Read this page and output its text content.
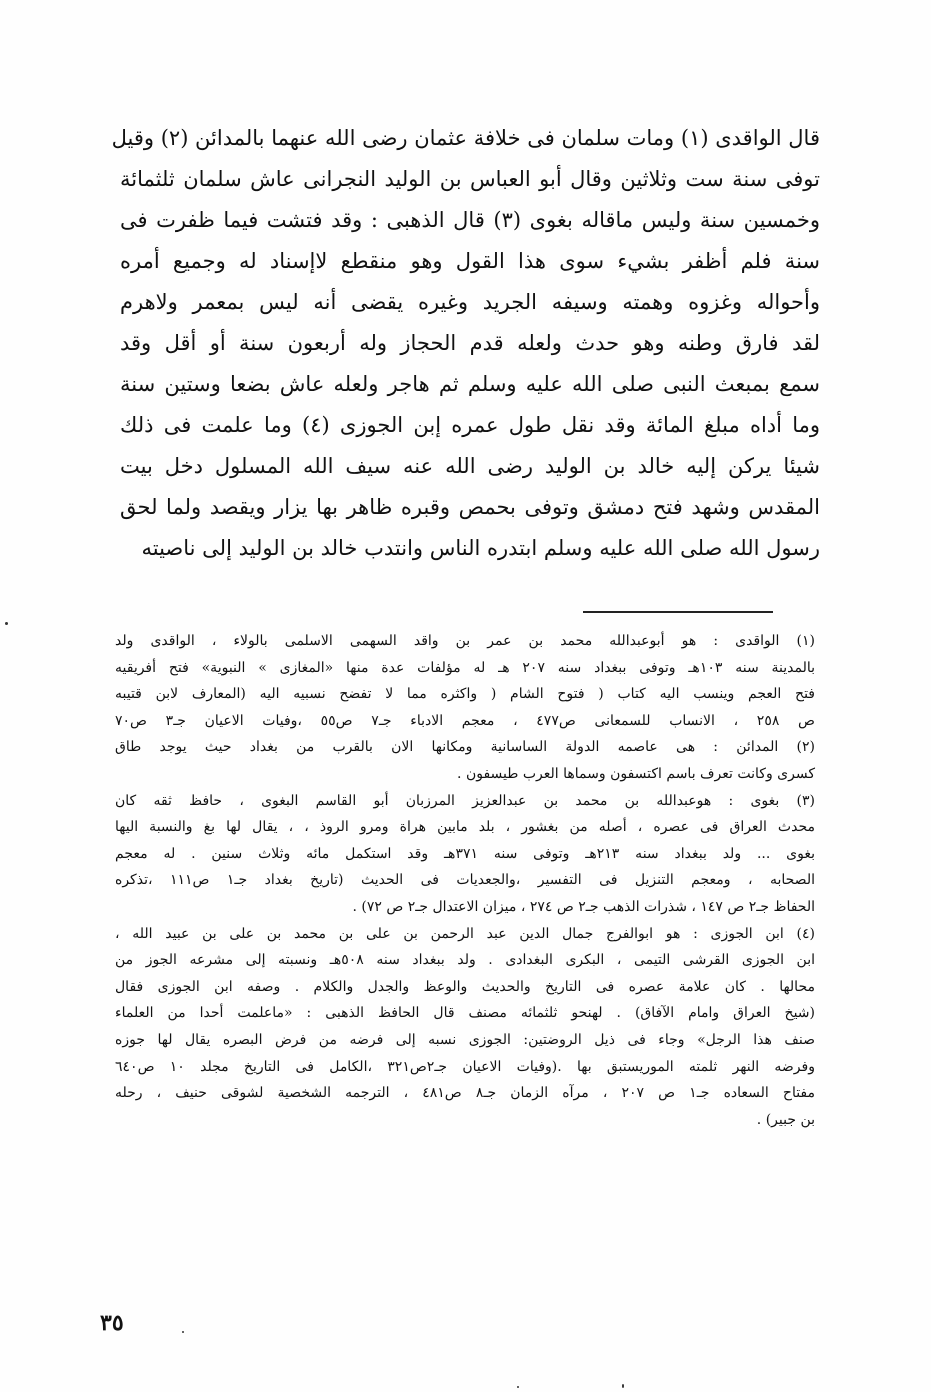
قال الواقدى (١) ومات سلمان فى خلافة عثمان رضى الله عنهما بالمدائن (٢) وقيل
توفى سنة ست وثلاثين وقال أبو العباس بن الوليد النجرانى عاش سلمان ثلثمائة
وخمسين سنة وليس ماقاله بغوى (٣) قال الذهبى : وقد فتشت فيما ظفرت فى
سنة فلم أظفر بشيء سوى هذا القول وهو منقطع لاإسناد له وجميع أمره
وأحواله وغزوه وهمته وسيفه الجريد وغيره يقضى أنه ليس بمعمر ولاهرم
لقد فارق وطنه وهو حدث ولعله قدم الحجاز وله أربعون سنة أو أقل وقد
سمع بمبعث النبى صلى الله عليه وسلم ثم هاجر ولعله عاش بضعا وستين سنة
وما أداه مبلغ المائة وقد نقل طول عمره إبن الجوزى (٤) وما علمت فى ذلك
شيئا يركن إليه خالد بن الوليد رضى الله عنه سيف الله المسلول دخل بيت
المقدس وشهد فتح دمشق وتوفى بحمص وقبره ظاهر بها يزار ويقصد ولما لحق
رسول الله صلى الله عليه وسلم ابتدره الناس وانتدب خالد بن الوليد إلى ناصيته
(١) الواقدى : هو أبوعبدالله محمد بن عمر بن واقد السهمى الاسلمى بالولاء ، الواقدى ولد
بالمدينة سنه ١٠٣هـ وتوفى ببغداد سنه ٢٠٧ هـ له مؤلفات عدة منها «المغازى » النبوية» فتح أفريقيه
فتح العجم وينسب اليه كتاب ( فتوح الشام ( واكثره مما لا تفضح نسبيه اليه (المعارف لابن قتيبه
ص ٢٥٨ ، الانساب للسمعانى ص٤٧٧ ، معجم الادباء جـ٧ ص٥٥ ،وفيات الاعيان جـ٣ ص٧٠
(٢) المدائن : هى عاصمه الدولة الساسانية ومكانها الان بالقرب من بغداد حيث يوجد طاق
كسرى وكانت تعرف باسم اكتسفون وسماها العرب طيسفون .
(٣) بغوى : هوعبدالله بن محمد بن عبدالعزيز المرزبان أبو القاسم البغوى ، حافظ ثقه كان
محدث العراق فى عصره ، أصله من بغشور ، بلد مابين هراة ومرو الروذ ، ، يقال لها بغ والنسبة اليها
بغوى ... ولد ببغداد سنه ٢١٣هـ وتوفى سنه ٣٧١هـ وقد استكمل مائه وثلاث سنين . له معجم
الصحابه ، ومعجم التنزيل فى التفسير ،والجعديات فى الحديث (تاريخ بغداد جـ١ ص١١١ ،تذكره
الحفاظ جـ٢ ص ١٤٧ ، شذرات الذهب جـ٢ ص ٢٧٤ ، ميزان الاعتدال جـ٢ ص ٧٢) .
(٤) ابن الجوزى : هو ابوالفرج جمال الدين عبد الرحمن بن على بن محمد بن على بن عبيد الله ،
ابن الجوزى القرشى التيمى ، البكرى البغدادى . ولد ببغداد سنه ٥٠٨هـ ونسبته إلى مشرعه الجوز من
محالها . كان علامة عصره فى التاريخ والحديث والوعظ والجدل والكلام . وصفه ابن الجوزى فقال
(شيخ العراق وامام الآفاق) . لهنحو ثلثمائه مصنف قال الحافظ الذهبى : «ماعلمت أحدا من العلماء
صنف هذا الرجل» وجاء فى ذيل الروضتين: الجوزى نسبه إلى فرضه من فرض البصره يقال لها جوزه
وفرضه النهر ثلمته الموريستبق بها .(وفيات الاعيان جـ٢ص٣٢١ ،الكامل فى التاريخ مجلد ١٠ ص٦٤٠
مفتاح السعاده جـ١ ص ٢٠٧ ، مرآه الزمان جـ٨ ص٤٨١ ، الترجمه الشخصية لشوقى حنيف ، رحله
بن جبير) .
٣٥
